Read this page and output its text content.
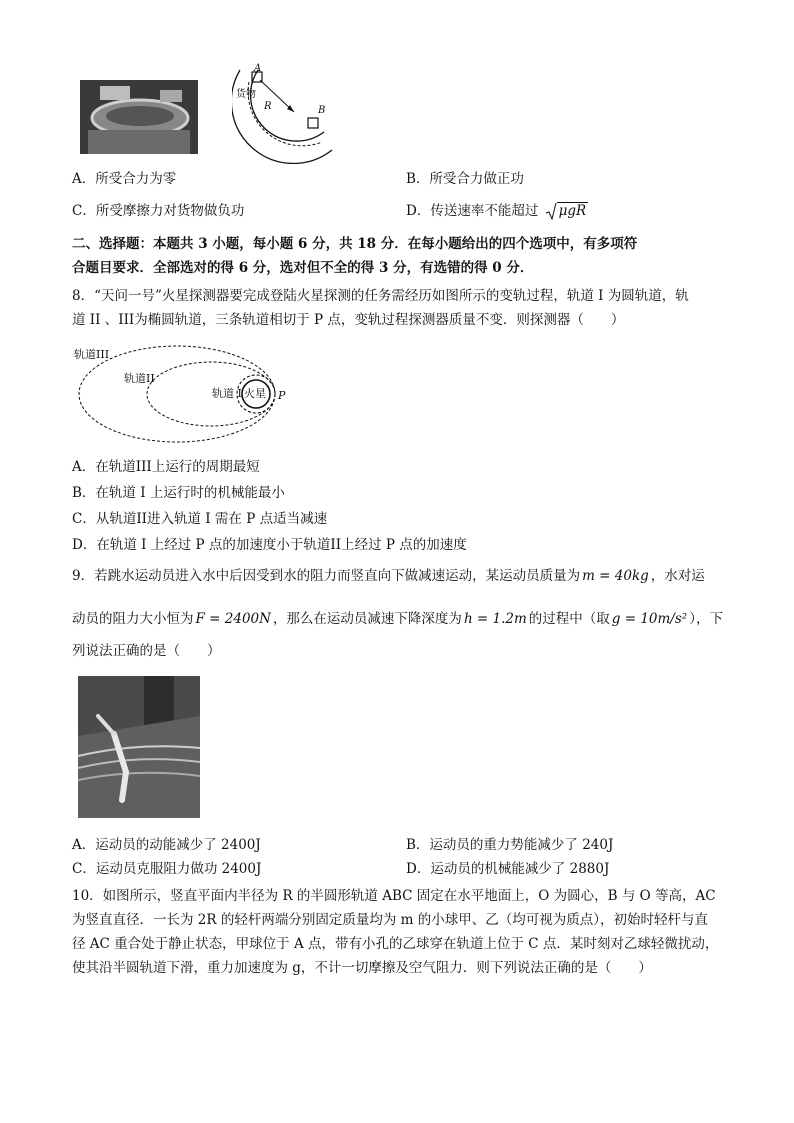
A
B
R
货物
A．所受合力为零	B．所受合力做正功
C．所受摩擦力对货物做负功	D．传送速率不能超过 μgR
二、选择题：本题共 3 小题，每小题 6 分，共 18 分．在每小题给出的四个选项中，有多项符
合题目要求．全部选对的得 6 分，选对但不全的得 3 分，有选错的得 0 分．
8．“天问一号”火星探测器要完成登陆火星探测的任务需经历如图所示的变轨过程，轨道 I 为圆轨道，轨
道 II 、III为椭圆轨道，三条轨道相切于 P 点，变轨过程探测器质量不变．则探测器（　　）
轨道III
轨道II
轨道 I 火星 P
A．在轨道III上运行的周期最短
B．在轨道 I 上运行时的机械能最小
C．从轨道II进入轨道 I 需在 P 点适当减速
D．在轨道 I 上经过 P 点的加速度小于轨道II上经过 P 点的加速度
9．若跳水运动员进入水中后因受到水的阻力而竖直向下做减速运动，某运动员质量为 m = 40kg ，水对运
动员的阻力大小恒为 F = 2400N ，那么在运动员减速下降深度为 h = 1.2m 的过程中（取 g = 10m/s² ），下
列说法正确的是（　　）
A．运动员的动能减少了 2400J	B．运动员的重力势能减少了 240J
C．运动员克服阻力做功 2400J	D．运动员的机械能减少了 2880J
10．如图所示，竖直平面内半径为 R 的半圆形轨道 ABC 固定在水平地面上，O 为圆心，B 与 O 等高，AC
为竖直直径．一长为 2R 的轻杆两端分别固定质量均为 m 的小球甲、乙（均可视为质点），初始时轻杆与直
径 AC 重合处于静止状态，甲球位于 A 点，带有小孔的乙球穿在轨道上位于 C 点．某时刻对乙球轻微扰动，
使其沿半圆轨道下滑，重力加速度为 g，不计一切摩擦及空气阻力．则下列说法正确的是（　　）
